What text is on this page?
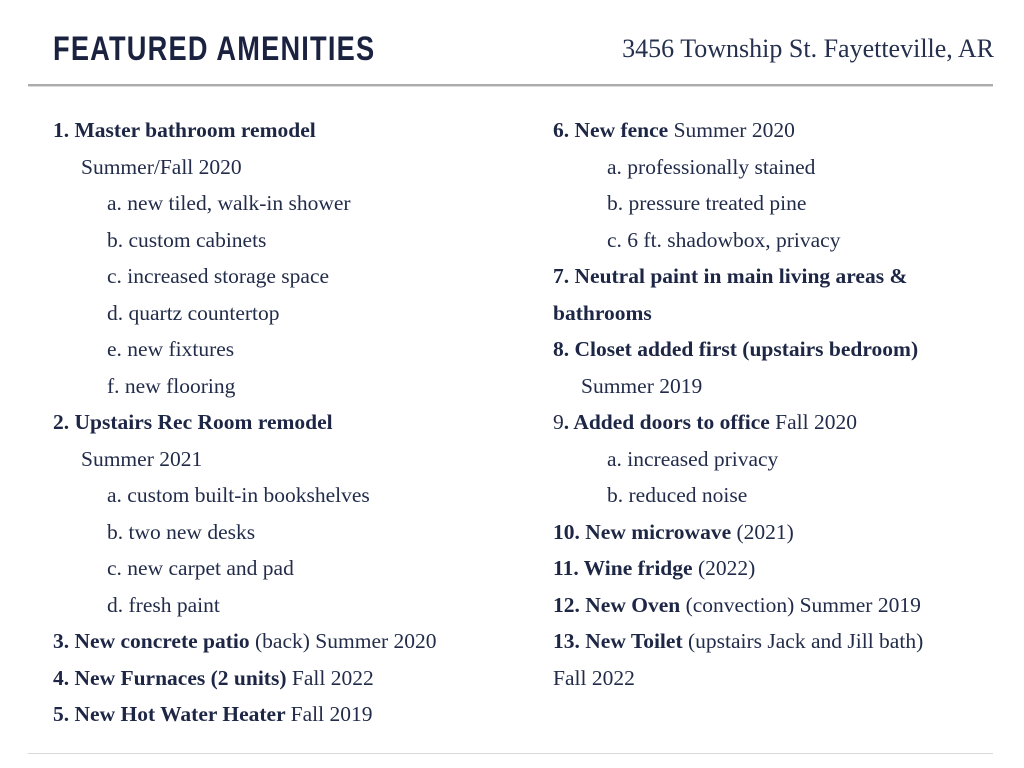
FEATURED AMENITIES	3456 Township St. Fayetteville, AR
1. Master bathroom remodel
Summer/Fall 2020
a. new tiled, walk-in shower
b. custom cabinets
c. increased storage space
d. quartz countertop
e. new fixtures
f. new flooring
2. Upstairs Rec Room remodel
Summer 2021
a. custom built-in bookshelves
b. two new desks
c. new carpet and pad
d. fresh paint
3. New concrete patio (back) Summer 2020
4. New Furnaces (2 units) Fall 2022
5. New Hot Water Heater Fall 2019
6. New fence Summer 2020
a. professionally stained
b. pressure treated pine
c. 6 ft. shadowbox, privacy
7. Neutral paint in main living areas &
bathrooms
8. Closet added first (upstairs bedroom)
Summer 2019
9. Added doors to office Fall 2020
a. increased privacy
b. reduced noise
10. New microwave (2021)
11. Wine fridge (2022)
12. New Oven (convection) Summer 2019
13. New Toilet (upstairs Jack and Jill bath)
Fall 2022
